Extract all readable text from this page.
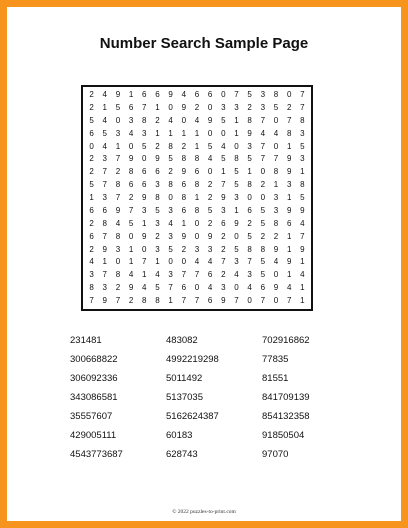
Number Search Sample Page
2	4	9	1	6	6	9	4	6	6	0	7	5	3	8	0	7
2	1	5	6	7	1	0	9	2	0	3	3	2	3	5	2	7
5	4	0	3	8	2	4	0	4	9	5	1	8	7	0	7	8
6	5	3	4	3	1	1	1	1	0	0	1	9	4	4	8	3
0	4	1	0	5	2	8	2	1	5	4	0	3	7	0	1	5
2	3	7	9	0	9	5	8	8	4	5	8	5	7	7	9	3
2	7	2	8	6	6	2	9	6	0	1	5	1	0	8	9	1
5	7	8	6	6	3	8	6	8	2	7	5	8	2	1	3	8
1	3	7	2	9	8	0	8	1	2	9	3	0	0	3	1	5
6	6	9	7	3	5	3	6	8	5	3	1	6	5	3	9	9
2	8	4	5	1	3	4	1	0	2	6	9	2	5	8	6	4
6	7	8	0	9	2	3	9	0	9	2	0	5	2	2	1	7
2	9	3	1	0	3	5	2	3	3	2	5	8	8	9	1	9
4	1	0	1	7	1	0	0	4	4	7	3	7	5	4	9	1
3	7	8	4	1	4	3	7	7	6	2	4	3	5	0	1	4
8	3	2	9	4	5	7	6	0	4	3	0	4	6	9	4	1
7	9	7	2	8	8	1	7	7	6	9	7	0	7	0	7	1
231481	483082	702916862
300668822	4992219298	77835
306092336	5011492	81551
343086581	5137035	841709139
35557607	5162624387	854132358
429005111	60183	91850504
4543773687	628743	97070
© 2022 puzzles-to-print.com
